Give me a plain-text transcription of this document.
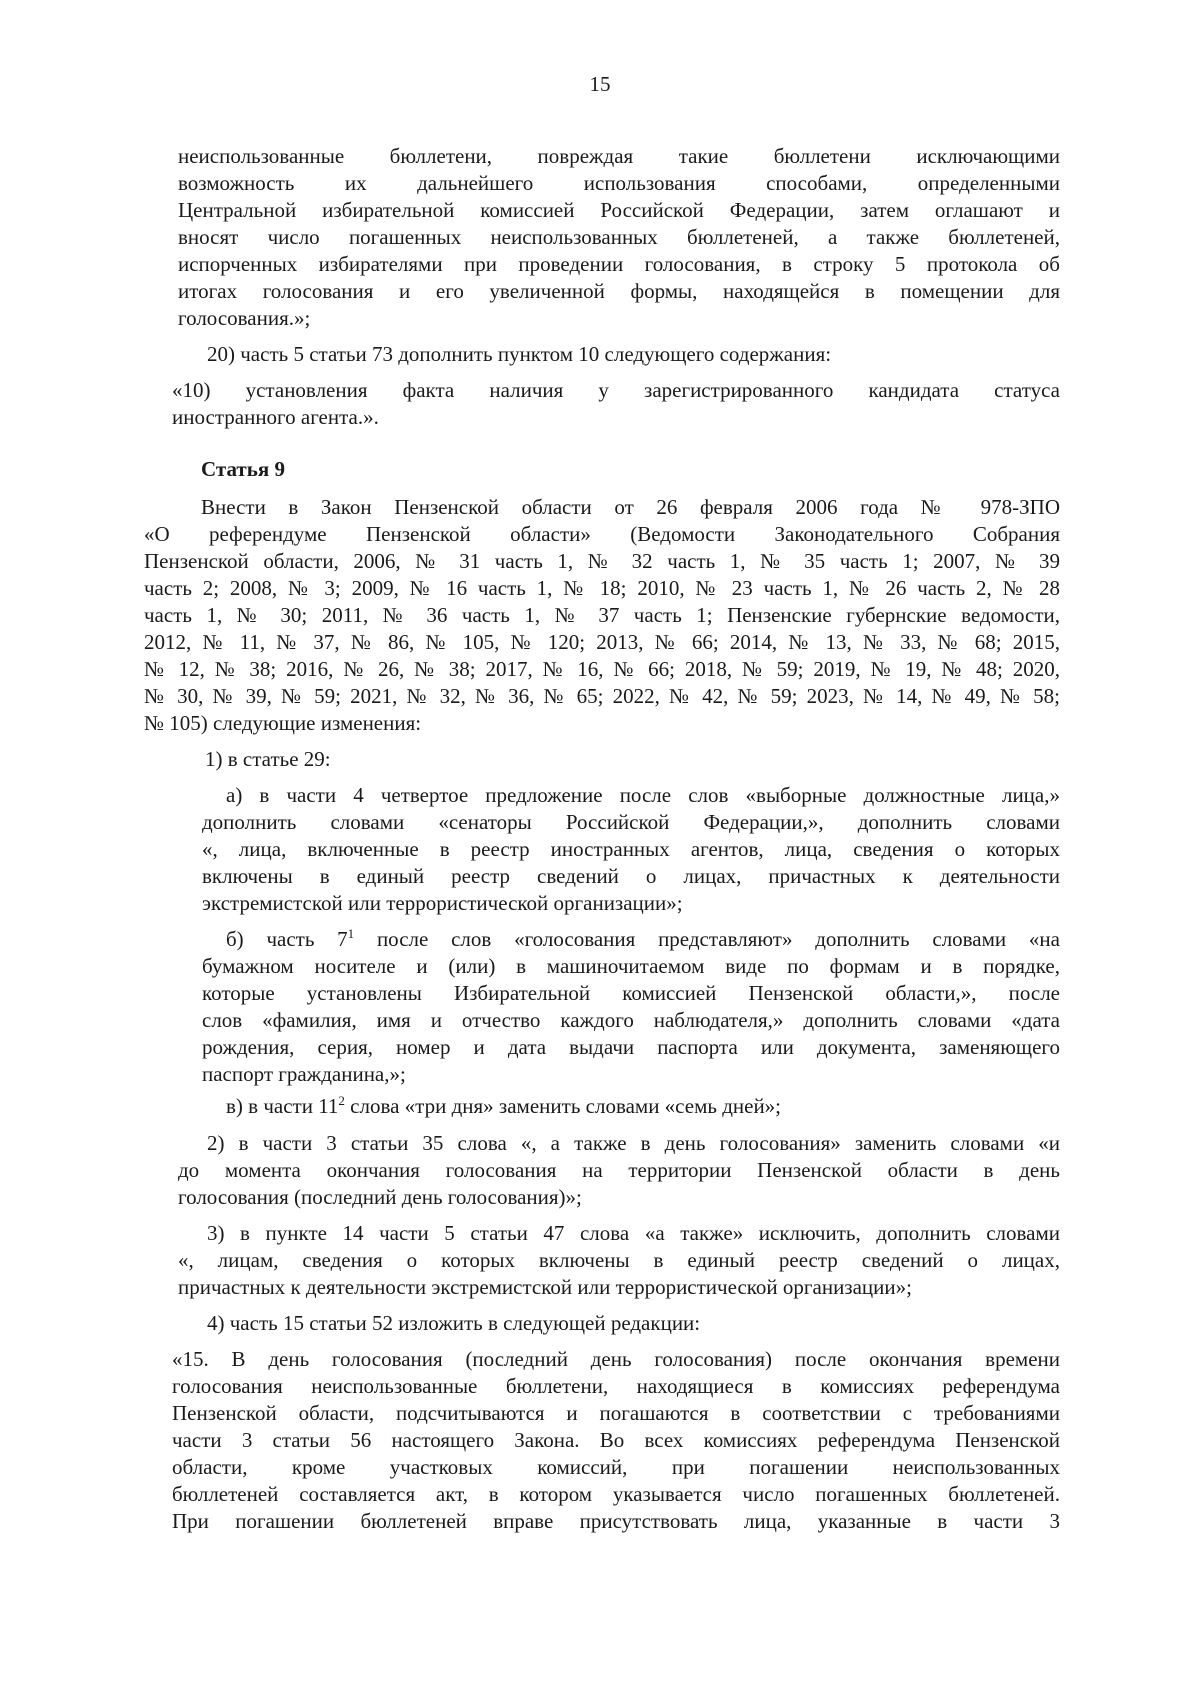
15
неиспользованные бюллетени, повреждая такие бюллетени исключающими
возможность их дальнейшего использования способами, определенными
Центральной избирательной комиссией Российской Федерации, затем оглашают и
вносят число погашенных неиспользованных бюллетеней, а также бюллетеней,
испорченных избирателями при проведении голосования, в строку 5 протокола об
итогах голосования и его увеличенной формы, находящейся в помещении для
голосования.»;
20) часть 5 статьи 73 дополнить пунктом 10 следующего содержания:
«10) установления факта наличия у зарегистрированного кандидата статуса
иностранного агента.».
Статья 9
Внести в Закон Пензенской области от 26 февраля 2006 года № 978-ЗПО
«О референдуме Пензенской области» (Ведомости Законодательного Собрания
Пензенской области, 2006, № 31 часть 1, № 32 часть 1, № 35 часть 1; 2007, № 39
часть 2; 2008, № 3; 2009, № 16 часть 1, № 18; 2010, № 23 часть 1, № 26 часть 2, № 28
часть 1, № 30; 2011, № 36 часть 1, № 37 часть 1; Пензенские губернские ведомости,
2012, № 11, № 37, № 86, № 105, № 120; 2013, № 66; 2014, № 13, № 33, № 68; 2015,
№ 12, № 38; 2016, № 26, № 38; 2017, № 16, № 66; 2018, № 59; 2019, № 19, № 48; 2020,
№ 30, № 39, № 59; 2021, № 32, № 36, № 65; 2022, № 42, № 59; 2023, № 14, № 49, № 58;
№ 105) следующие изменения:
1) в статье 29:
а) в части 4 четвертое предложение после слов «выборные должностные лица,»
дополнить словами «сенаторы Российской Федерации,», дополнить словами
«, лица, включенные в реестр иностранных агентов, лица, сведения о которых
включены в единый реестр сведений о лицах, причастных к деятельности
экстремистской или террористической организации»;
б) часть $7^1$ после слов «голосования представляют» дополнить словами «на
бумажном носителе и (или) в машиночитаемом виде по формам и в порядке,
которые установлены Избирательной комиссией Пензенской области,», после
слов «фамилия, имя и отчество каждого наблюдателя,» дополнить словами «дата
рождения, серия, номер и дата выдачи паспорта или документа, заменяющего
паспорт гражданина,»;
в) в части $11^2$ слова «три дня» заменить словами «семь дней»;
2) в части 3 статьи 35 слова «, а также в день голосования» заменить словами «и
до момента окончания голосования на территории Пензенской области в день
голосования (последний день голосования)»;
3) в пункте 14 части 5 статьи 47 слова «а также» исключить, дополнить словами
«, лицам, сведения о которых включены в единый реестр сведений о лицах,
причастных к деятельности экстремистской или террористической организации»;
4) часть 15 статьи 52 изложить в следующей редакции:
«15. В день голосования (последний день голосования) после окончания времени
голосования неиспользованные бюллетени, находящиеся в комиссиях референдума
Пензенской области, подсчитываются и погашаются в соответствии с требованиями
части 3 статьи 56 настоящего Закона. Во всех комиссиях референдума Пензенской
области, кроме участковых комиссий, при погашении неиспользованных
бюллетеней составляется акт, в котором указывается число погашенных бюллетеней.
При погашении бюллетеней вправе присутствовать лица, указанные в части 3
